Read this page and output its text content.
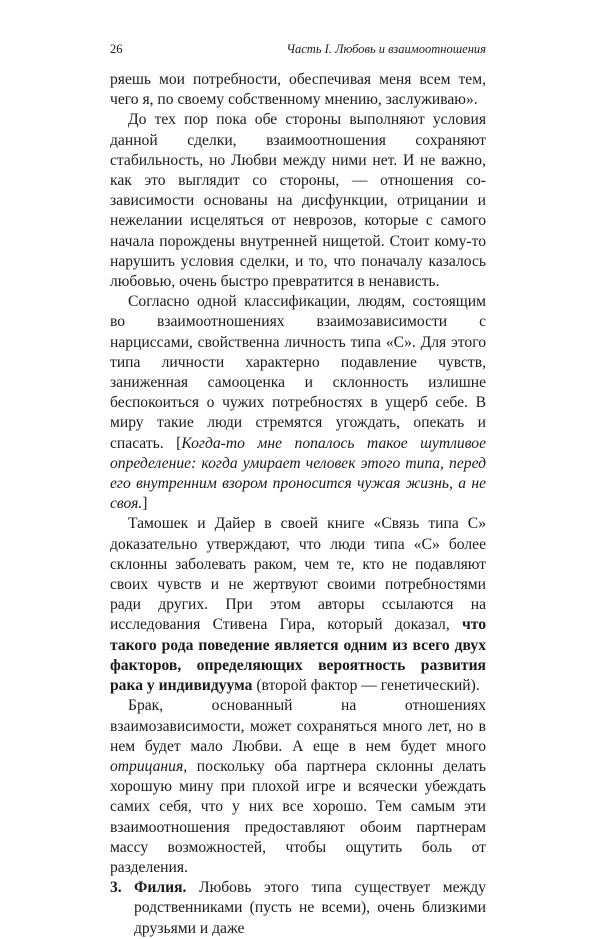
26	Часть I. Любовь и взаимоотношения

ряешь мои потребности, обеспечивая меня всем тем, чего я, по своему собственному мнению, заслуживаю».

До тех пор пока обе стороны выполняют условия данной сделки, взаимоотношения сохраняют стабильность, но Любви между ними нет. И не важно, как это выглядит со стороны, — отношения со-зависимости основаны на дисфункции, отрицании и нежелании исцеляться от неврозов, которые с самого начала порождены внутренней нищетой. Стоит кому-то нарушить условия сделки, и то, что поначалу казалось любовью, очень быстро превратится в ненависть.

Согласно одной классификации, людям, состоящим во взаимоотношениях взаимозависимости с нарциссами, свойственна личность типа «С». Для этого типа личности характерно подавление чувств, заниженная самооценка и склонность излишне беспокоиться о чужих потребностях в ущерб себе. В миру такие люди стремятся угождать, опекать и спасать. [Когда-то мне попалось такое шутливое определение: когда умирает человек этого типа, перед его внутренним взором проносится чужая жизнь, а не своя.]

Тамошек и Дайер в своей книге «Связь типа С» доказательно утверждают, что люди типа «С» более склонны заболевать раком, чем те, кто не подавляют своих чувств и не жертвуют своими потребностями ради других. При этом авторы ссылаются на исследования Стивена Гира, который доказал, что такого рода поведение является одним из всего двух факторов, определяющих вероятность развития рака у индивидуума (второй фактор — генетический).

Брак, основанный на отношениях взаимозависимости, может сохраняться много лет, но в нем будет мало Любви. А еще в нем будет много отрицания, поскольку оба партнера склонны делать хорошую мину при плохой игре и всячески убеждать самих себя, что у них все хорошо. Тем самым эти взаимоотношения предоставляют обоим партнерам массу возможностей, чтобы ощутить боль от разделения.

3. Филия. Любовь этого типа существует между родственниками (пусть не всеми), очень близкими друзьями и даже
